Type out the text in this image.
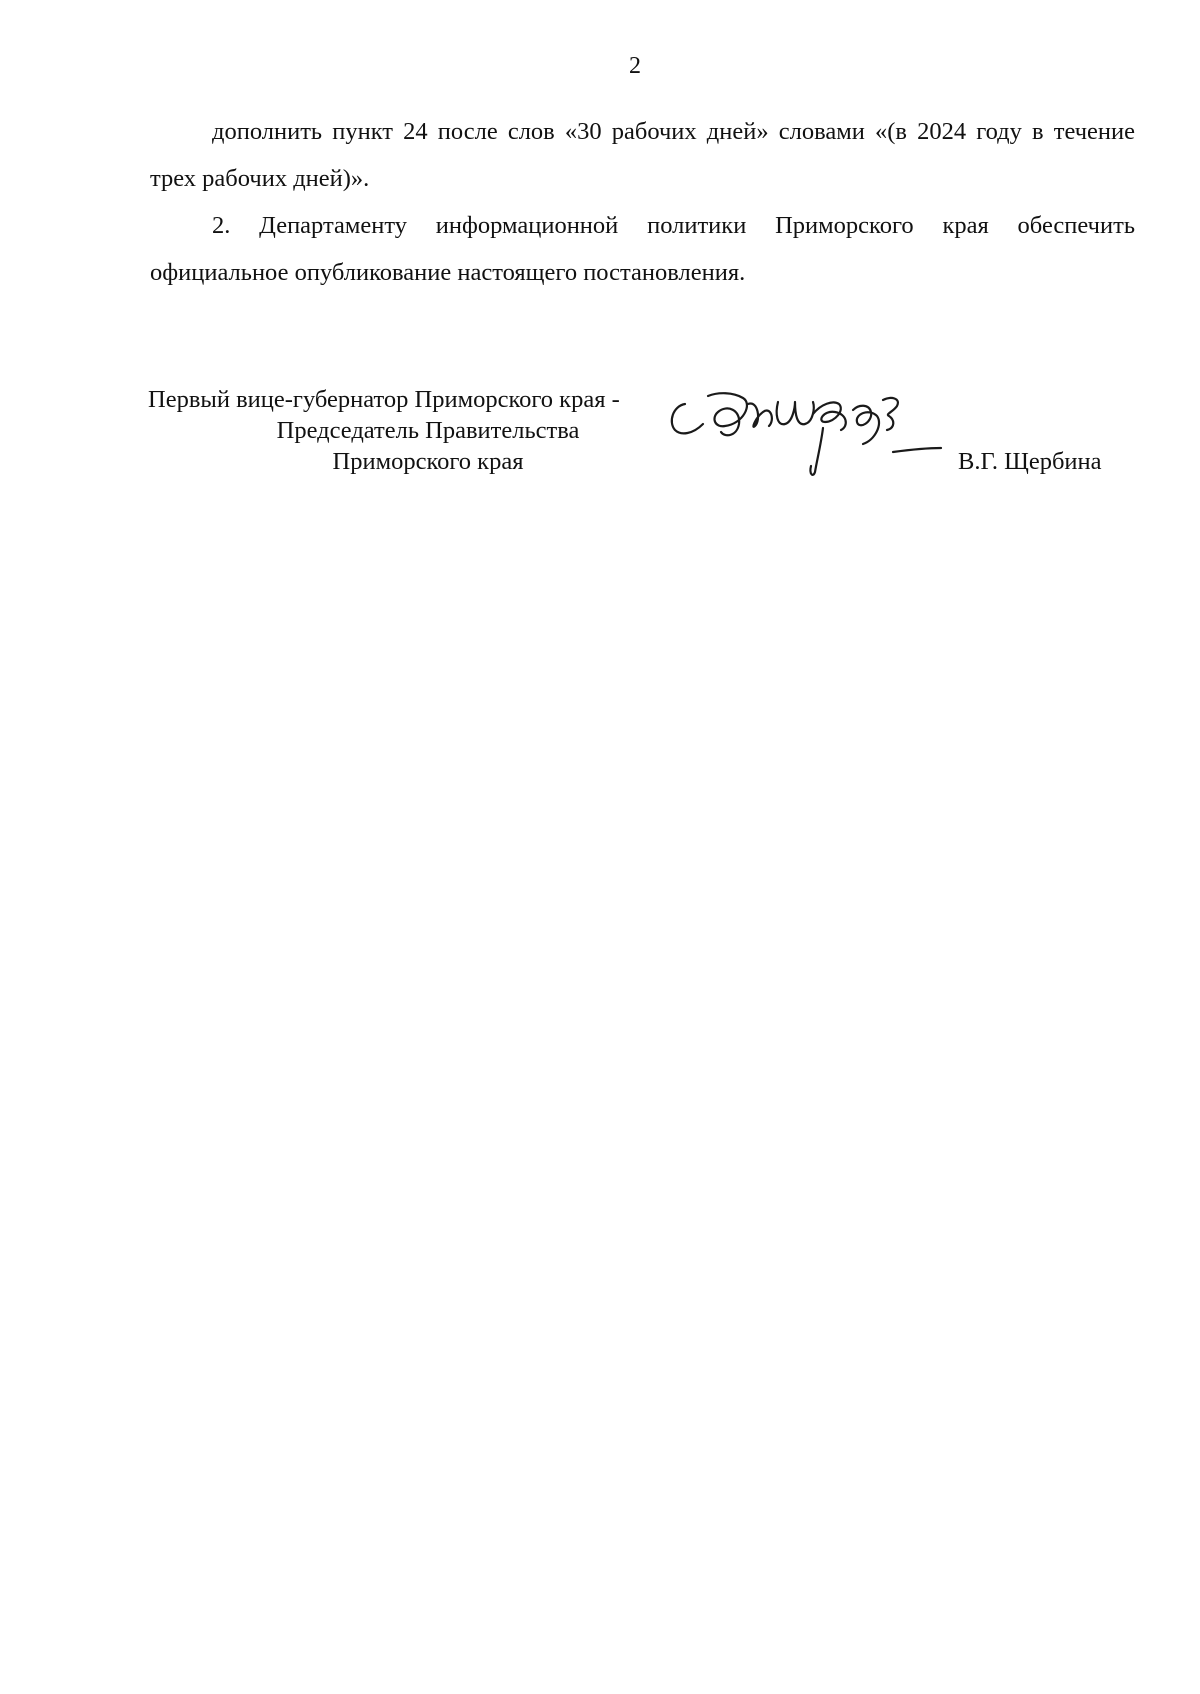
2

дополнить пункт 24 после слов «30 рабочих дней» словами «(в 2024 году в течение трех рабочих дней)».

2. Департаменту информационной политики Приморского края обеспечить официальное опубликование настоящего постановления.

Первый вице-губернатор Приморского края -
Председатель Правительства
Приморского края	В.Г. Щербина
